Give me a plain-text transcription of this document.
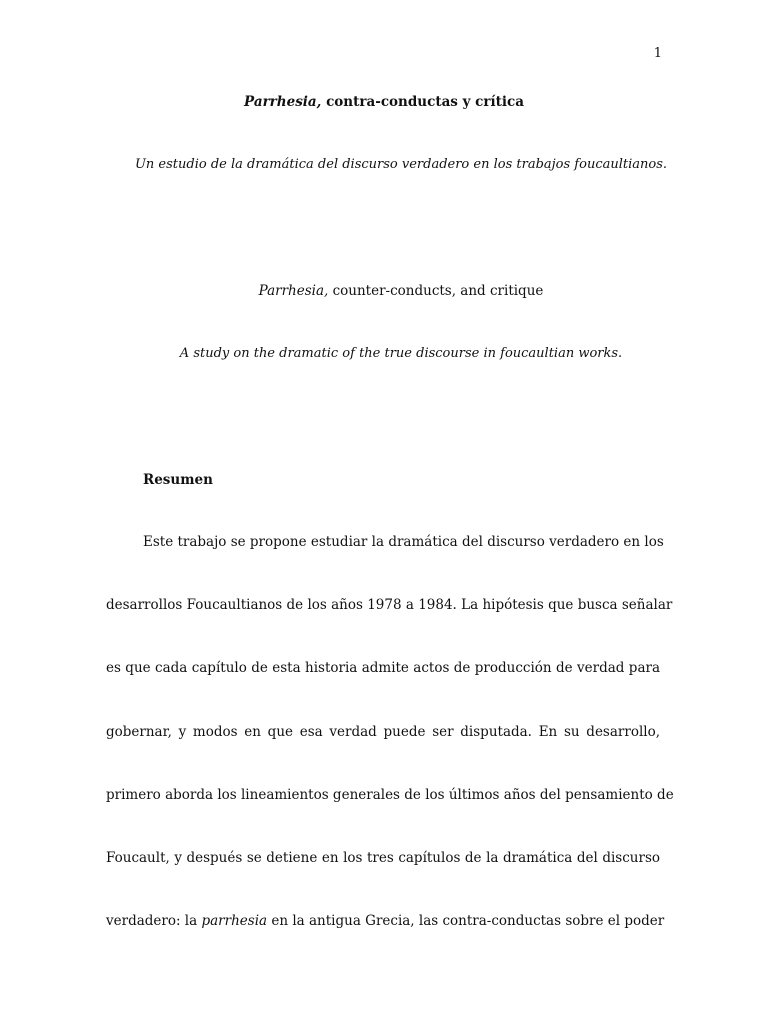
1
Parrhesia, contra-conductas y crítica
Un estudio de la dramática del discurso verdadero en los trabajos foucaultianos.
Parrhesia, counter-conducts, and critique
A study on the dramatic of the true discourse in foucaultian works.
Resumen
Este trabajo se propone estudiar la dramática del discurso verdadero en los
desarrollos Foucaultianos de los años 1978 a 1984. La hipótesis que busca señalar
es que cada capítulo de esta historia admite actos de producción de verdad para
gobernar, y modos en que esa verdad puede ser disputada. En su desarrollo,
primero aborda los lineamientos generales de los últimos años del pensamiento de
Foucault, y después se detiene en los tres capítulos de la dramática del discurso
verdadero: la parrhesia en la antigua Grecia, las contra-conductas sobre el poder
